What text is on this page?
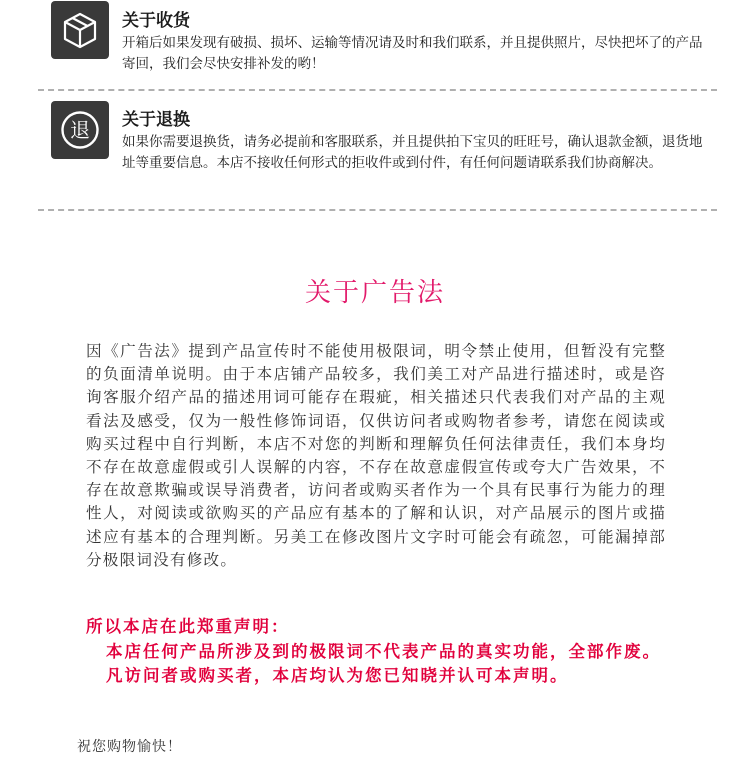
关于收货
开箱后如果发现有破损、损坏、运输等情况请及时和我们联系，并且提供照片，尽快把坏了的产品寄回，我们会尽快安排补发的哟！
退 关于退换
如果你需要退换货，请务必提前和客服联系，并且提供拍下宝贝的旺旺号，确认退款金额，退货地址等重要信息。本店不接收任何形式的拒收件或到付件，有任何问题请联系我们协商解决。
关于广告法
因《广告法》提到产品宣传时不能使用极限词，明令禁止使用，但暂没有完整的负面清单说明。由于本店铺产品较多，我们美工对产品进行描述时，或是咨询客服介绍产品的描述用词可能存在瑕疵，相关描述只代表我们对产品的主观看法及感受，仅为一般性修饰词语，仅供访问者或购物者参考，请您在阅读或购买过程中自行判断，本店不对您的判断和理解负任何法律责任，我们本身均不存在故意虚假或引人误解的内容，不存在故意虚假宣传或夸大广告效果，不存在故意欺骗或误导消费者，访问者或购买者作为一个具有民事行为能力的理性人，对阅读或欲购买的产品应有基本的了解和认识，对产品展示的图片或描述应有基本的合理判断。另美工在修改图片文字时可能会有疏忽，可能漏掉部分极限词没有修改。
所以本店在此郑重声明：
本店任何产品所涉及到的极限词不代表产品的真实功能，全部作废。凡访问者或购买者，本店均认为您已知晓并认可本声明。
祝您购物愉快！
